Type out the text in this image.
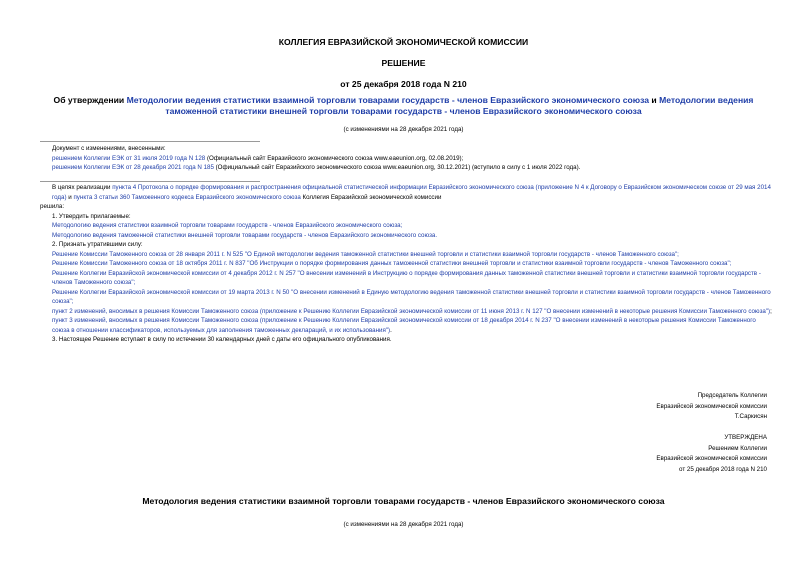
КОЛЛЕГИЯ ЕВРАЗИЙСКОЙ ЭКОНОМИЧЕСКОЙ КОМИССИИ
РЕШЕНИЕ
от 25 декабря 2018 года N 210
Об утверждении Методологии ведения статистики взаимной торговли товарами государств - членов Евразийского экономического союза и Методологии ведения таможенной статистики внешней торговли товарами государств - членов Евразийского экономического союза
(с изменениями на 28 декабря 2021 года)
Документ с изменениями, внесенными:
решением Коллегии ЕЭК от 31 июля 2019 года N 128 (Официальный сайт Евразийского экономического союза www.eaeunion.org, 02.08.2019);
решением Коллегии ЕЭК от 28 декабря 2021 года N 185 (Официальный сайт Евразийского экономического союза www.eaeunion.org, 30.12.2021) (вступило в силу с 1 июля 2022 года).

В целях реализации пункта 4 Протокола о порядке формирования и распространения официальной статистической информации Евразийского экономического союза (приложение N 4 к Договору о Евразийском экономическом союзе от 29 мая 2014 года) и пункта 3 статьи 360 Таможенного кодекса Евразийского экономического союза Коллегия Евразийской экономической комиссии

решила:

1. Утвердить прилагаемые:

Методологию ведения статистики взаимной торговли товарами государств - членов Евразийского экономического союза;

Методологию ведения таможенной статистики внешней торговли товарами государств - членов Евразийского экономического союза.

2. Признать утратившими силу:

Решение Комиссии Таможенного союза от 28 января 2011 г. N 525 "О Единой методологии ведения таможенной статистики внешней торговли и статистики взаимной торговли государств - членов Таможенного союза";

Решение Комиссии Таможенного союза от 18 октября 2011 г. N 837 "Об Инструкции о порядке формирования данных таможенной статистики внешней торговли и статистики взаимной торговли государств - членов Таможенного союза";

Решение Коллегии Евразийской экономической комиссии от 4 декабря 2012 г. N 257 "О внесении изменений в Инструкцию о порядке формирования данных таможенной статистики внешней торговли и статистики взаимной торговли государств - членов Таможенного союза";

Решение Коллегии Евразийской экономической комиссии от 19 марта 2013 г. N 50 "О внесении изменений в Единую методологию ведения таможенной статистики внешней торговли и статистики взаимной торговли государств - членов Таможенного союза";

пункт 2 изменений, вносимых в решения Комиссии Таможенного союза (приложение к Решению Коллегии Евразийской экономической комиссии от 11 июня 2013 г. N 127 "О внесении изменений в некоторые решения Комиссии Таможенного союза");

пункт 3 изменений, вносимых в решения Комиссии Таможенного союза (приложение к Решению Коллегии Евразийской экономической комиссии от 18 декабря 2014 г. N 237 "О внесении изменений в некоторые решения Комиссии Таможенного союза в отношении классификаторов, используемых для заполнения таможенных деклараций, и их использования").

3. Настоящее Решение вступает в силу по истечении 30 календарных дней с даты его официального опубликования.

Председатель Коллегии
Евразийской экономической комиссии
Т.Саркисян
УТВЕРЖДЕНА
Решением Коллегии
Евразийской экономической комиссии
от 25 декабря 2018 года N 210
Методология ведения статистики взаимной торговли товарами государств - членов Евразийского экономического союза
(с изменениями на 28 декабря 2021 года)
